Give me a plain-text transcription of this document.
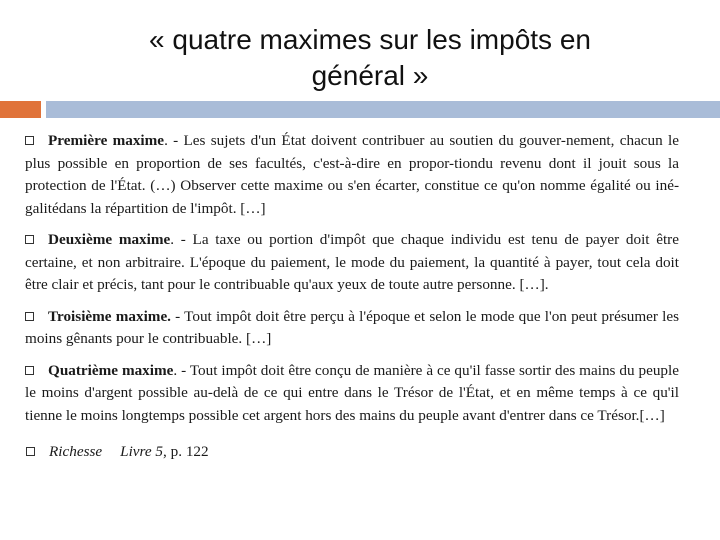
« quatre maximes sur les impôts en
général »
Première maxime. - Les sujets d'un État doivent contribuer au soutien du gouver-nement, chacun le plus possible en proportion de ses facultés, c'est-à-dire en propor-tiondu revenu dont il jouit sous la protection de l'État. (…) Observer cette maxime ou s'en écarter, constitue ce qu'on nomme égalité ou iné-galitédans la répartition de l'impôt. […]
Deuxième maxime. - La taxe ou portion d'impôt que chaque individu est tenu de payer doit être certaine, et non arbitraire. L'époque du paiement, le mode du paiement, la quantité à payer, tout cela doit être clair et précis, tant pour le contribuable qu'aux yeux de toute autre personne. […].
Troisième maxime. - Tout impôt doit être perçu à l'époque et selon le mode que l'on peut présumer les moins gênants pour le contribuable. […]
Quatrième maxime. - Tout impôt doit être conçu de manière à ce qu'il fasse sortir des mains du peuple le moins d'argent possible au-delà de ce qui entre dans le Trésor de l'État, et en même temps à ce qu'il tienne le moins longtemps possible cet argent hors des mains du peuple avant d'entrer dans ce Trésor.[…]
Richesse Livre 5, p. 122
